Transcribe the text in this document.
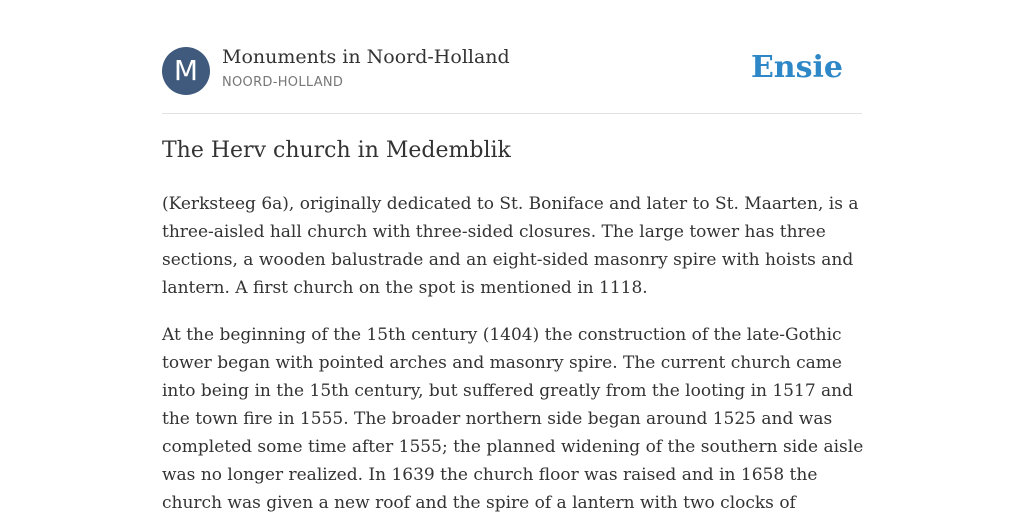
M	Monuments in Noord-Holland
NOORD-HOLLAND	Ensie
The Herv church in Medemblik
(Kerksteeg 6a), originally dedicated to St. Boniface and later to St. Maarten, is a
three-aisled hall church with three-sided closures. The large tower has three
sections, a wooden balustrade and an eight-sided masonry spire with hoists and
lantern. A first church on the spot is mentioned in 1118.
At the beginning of the 15th century (1404) the construction of the late-Gothic
tower began with pointed arches and masonry spire. The current church came
into being in the 15th century, but suffered greatly from the looting in 1517 and
the town fire in 1555. The broader northern side began around 1525 and was
completed some time after 1555; the planned widening of the southern side aisle
was no longer realized. In 1639 the church floor was raised and in 1658 the
church was given a new roof and the spire of a lantern with two clocks of
